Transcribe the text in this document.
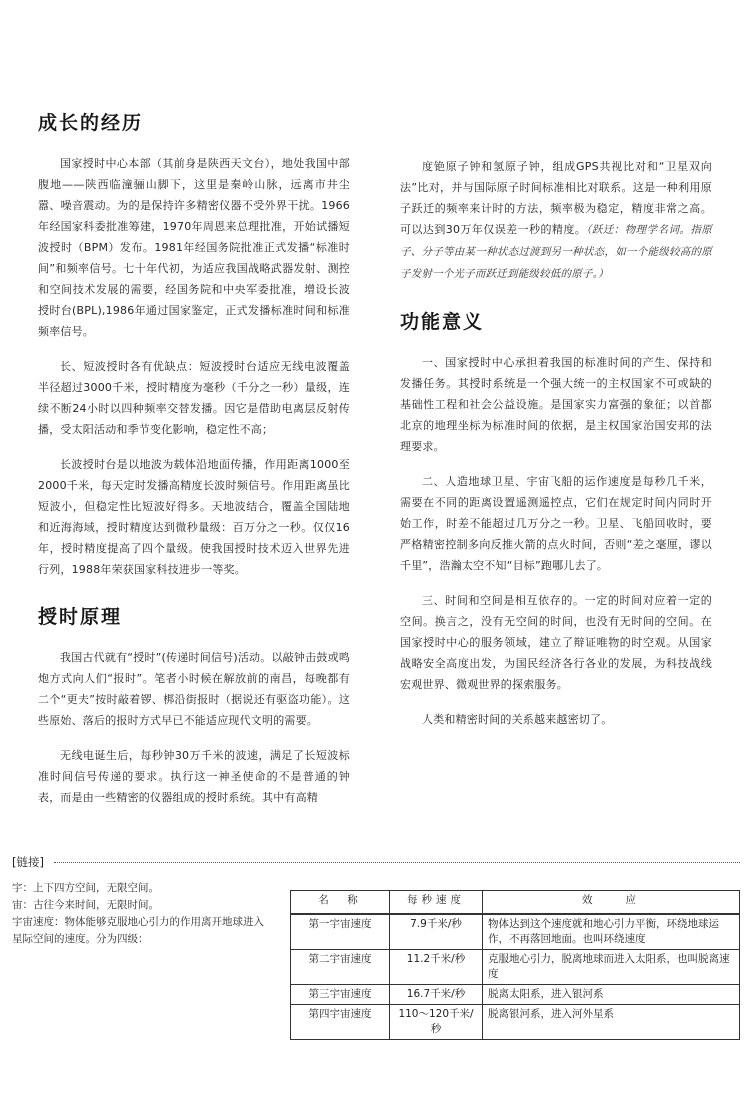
成长的经历

国家授时中心本部（其前身是陕西天文台），地处我国中部腹地——陕西临潼骊山脚下，这里是秦岭山脉，远离市井尘嚣、噪音震动。为的是保持许多精密仪器不受外界干扰。1966年经国家科委批准筹建，1970年周恩来总理批准，开始试播短波授时（BPM）发布。1981年经国务院批准正式发播“标准时间”和频率信号。七十年代初，为适应我国战略武器发射、测控和空间技术发展的需要，经国务院和中央军委批准，增设长波授时台(BPL),1986年通过国家鉴定，正式发播标准时间和标准频率信号。

长、短波授时各有优缺点：短波授时台适应无线电波覆盖半径超过3000千米，授时精度为毫秒（千分之一秒）量级，连续不断24小时以四种频率交替发播。因它是借助电离层反射传播，受太阳活动和季节变化影响，稳定性不高；

长波授时台是以地波为载体沿地面传播，作用距离1000至2000千米，每天定时发播高精度长波时频信号。作用距离虽比短波小，但稳定性比短波好得多。天地波结合，覆盖全国陆地和近海海域，授时精度达到微秒量级：百万分之一秒。仅仅16年，授时精度提高了四个量级。使我国授时技术迈入世界先进行列，1988年荣获国家科技进步一等奖。

授时原理

我国古代就有“授时”(传递时间信号)活动。以敲钟击鼓或鸣炮方式向人们“报时”。笔者小时候在解放前的南昌，每晚都有二个“更夫”按时敲着锣、梆沿街报时（据说还有驱盗功能）。这些原始、落后的报时方式早已不能适应现代文明的需要。

无线电诞生后，每秒钟30万千米的波速，满足了长短波标准时间信号传递的要求。执行这一神圣使命的不是普通的钟表，而是由一些精密的仪器组成的授时系统。其中有高精

度铯原子钟和氢原子钟，组成GPS共视比对和“卫星双向法”比对，并与国际原子时间标准相比对联系。这是一种利用原子跃迁的频率来计时的方法，频率极为稳定，精度非常之高。可以达到30万年仅误差一秒的精度。（跃迁：物理学名词。指原子、分子等由某一种状态过渡到另一种状态，如一个能级较高的原子发射一个光子而跃迁到能级较低的原子。）

功能意义

一、国家授时中心承担着我国的标准时间的产生、保持和发播任务。其授时系统是一个强大统一的主权国家不可或缺的基础性工程和社会公益设施。是国家实力富强的象征；以首都北京的地理坐标为标准时间的依据，是主权国家治国安邦的法理要求。

二、人造地球卫星、宇宙飞船的运作速度是每秒几千米，需要在不同的距离设置遥测遥控点，它们在规定时间内同时开始工作，时差不能超过几万分之一秒。卫星、飞船回收时，要严格精密控制多向反推火箭的点火时间，否则“差之毫厘，谬以千里”，浩瀚太空不知“目标”跑哪儿去了。

三、时间和空间是相互依存的。一定的时间对应着一定的空间。换言之，没有无空间的时间，也没有无时间的空间。在国家授时中心的服务领域，建立了辩证唯物的时空观。从国家战略安全高度出发，为国民经济各行各业的发展，为科技战线宏观世界、微观世界的探索服务。

人类和精密时间的关系越来越密切了。

[链接]

宇：上下四方空间，无限空间。

宙：古往今来时间，无限时间。

宇宙速度：物体能够克服地心引力的作用离开地球进入星际空间的速度。分为四级：

名　称	每秒速度	效　　应
第一宇宙速度	7.9千米/秒	物体达到这个速度就和地心引力平衡，环绕地球运作，不再落回地面。也叫环绕速度
第二宇宙速度	11.2千米/秒	克服地心引力，脱离地球而进入太阳系，也叫脱离速度
第三宇宙速度	16.7千米/秒	脱离太阳系，进入银河系
第四宇宙速度	110～120千米/秒	脱离银河系，进入河外星系
